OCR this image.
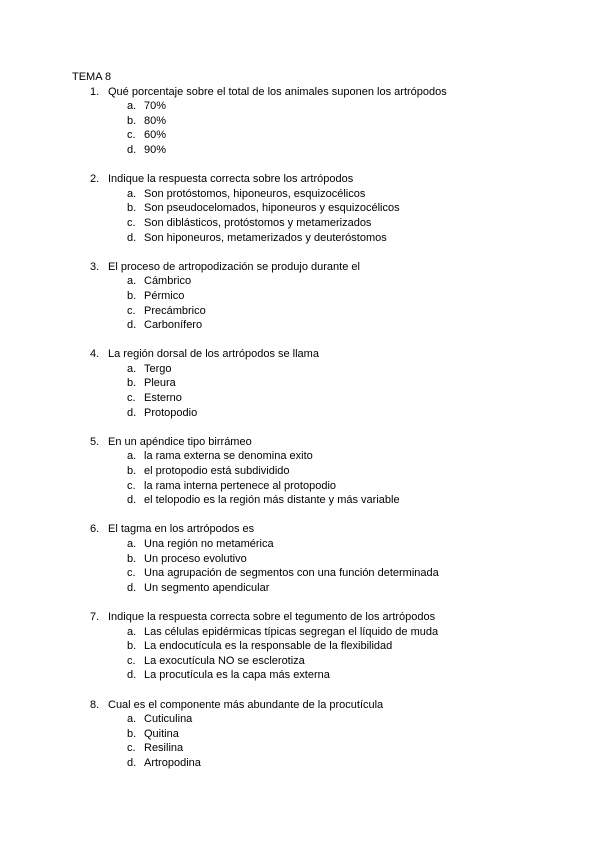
TEMA 8
1. Qué porcentaje sobre el total de los animales suponen los artrópodos
a. 70%
b. 80%
c. 60%
d. 90%
2. Indique la respuesta correcta sobre los artrópodos
a. Son protóstomos, hiponeuros, esquizocélicos
b. Son pseudocelomados, hiponeuros y esquizocélicos
c. Son diblásticos, protóstomos y metamerizados
d. Son hiponeuros, metamerizados y deuteróstomos
3. El proceso de artropodización se produjo durante el
a. Cámbrico
b. Pérmico
c. Precámbrico
d. Carbonífero
4. La región dorsal de los artrópodos se llama
a. Tergo
b. Pleura
c. Esterno
d. Protopodio
5. En un apéndice tipo birrámeo
a. la rama externa se denomina exito
b. el protopodio está subdividido
c. la rama interna pertenece al protopodio
d. el telopodio es la región más distante y más variable
6. El tagma en los artrópodos es
a. Una región no metamérica
b. Un proceso evolutivo
c. Una agrupación de segmentos con una función determinada
d. Un segmento apendicular
7. Indique la respuesta correcta sobre el tegumento de los artrópodos
a. Las células epidérmicas típicas segregan el líquido de muda
b. La endocutícula es la responsable de la flexibilidad
c. La exocutícula NO se esclerotiza
d. La procutícula es la capa más externa
8. Cual es el componente más abundante de la procutícula
a. Cuticulina
b. Quitina
c. Resilina
d. Artropodina
